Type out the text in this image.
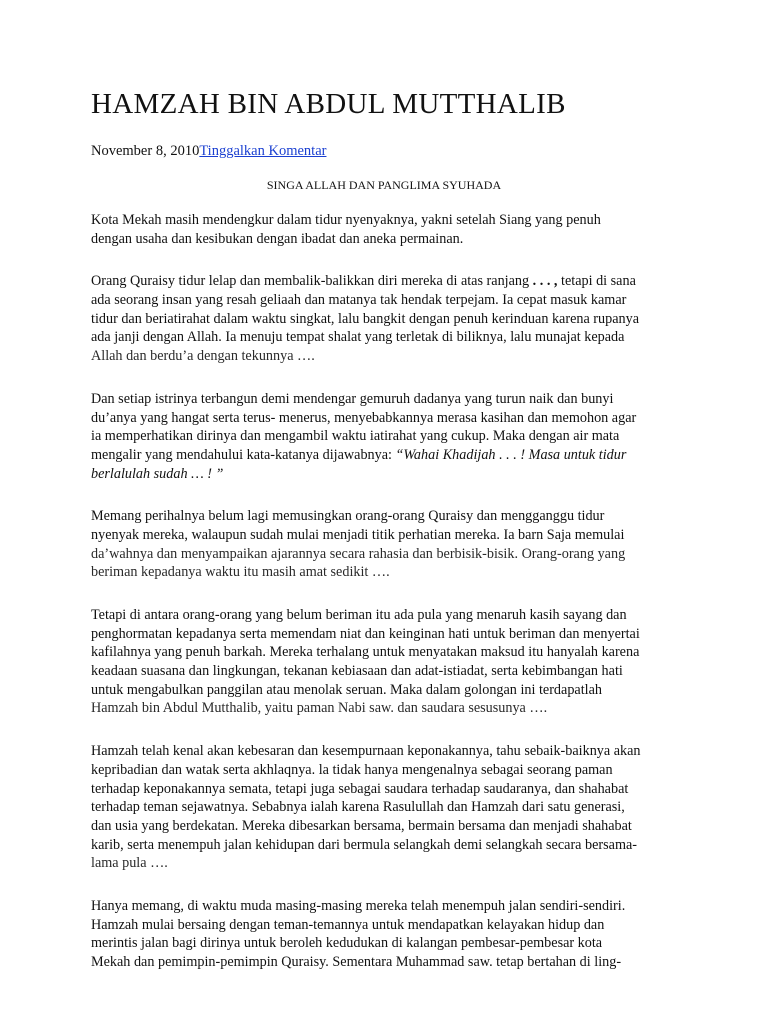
HAMZAH BIN ABDUL MUTTHALIB
November 8, 2010Tinggalkan Komentar
SINGA ALLAH DAN PANGLIMA SYUHADA
Kota Mekah masih mendengkur dalam tidur nyenyaknya, yakni setelah Siang yang penuh
dengan usaha dan kesibukan dengan ibadat dan aneka permainan.
Orang Quraisy tidur lelap dan membalik-balikkan diri mereka di atas ranjang . . . , tetapi di sana
ada seorang insan yang resah geliaah dan matanya tak hendak terpejam. Ia cepat masuk kamar
tidur dan beriatirahat dalam waktu singkat, lalu bangkit dengan penuh kerinduan karena rupanya
ada janji dengan Allah. Ia menuju tempat shalat yang terletak di biliknya, lalu munajat kepada
Allah dan berdu’a dengan tekunnya ….
Dan setiap istrinya terbangun demi mendengar gemuruh dadanya yang turun naik dan bunyi
du’anya yang hangat serta terus- menerus, menyebabkannya merasa kasihan dan memohon agar
ia memperhatikan dirinya dan mengambil waktu iatirahat yang cukup. Maka dengan air mata
mengalir yang mendahului kata-katanya dijawabnya: “Wahai Khadijah . . . ! Masa untuk tidur
berlalulah sudah … ! ”
Memang perihalnya belum lagi memusingkan orang-orang Quraisy dan mengganggu tidur
nyenyak mereka, walaupun sudah mulai menjadi titik perhatian mereka. Ia barn Saja memulai
da’wahnya dan menyampaikan ajarannya secara rahasia dan berbisik-bisik. Orang-orang yang
beriman kepadanya waktu itu masih amat sedikit ….
Tetapi di antara orang-orang yang belum beriman itu ada pula yang menaruh kasih sayang dan
penghormatan kepadanya serta memendam niat dan keinginan hati untuk beriman dan menyertai
kafilahnya yang penuh barkah. Mereka terhalang untuk menyatakan maksud itu hanyalah karena
keadaan suasana dan lingkungan, tekanan kebiasaan dan adat-istiadat, serta kebimbangan hati
untuk mengabulkan panggilan atau menolak seruan. Maka dalam golongan ini terdapatlah
Hamzah bin Abdul Mutthalib, yaitu paman Nabi saw. dan saudara sesusunya ….
Hamzah telah kenal akan kebesaran dan kesempurnaan keponakannya, tahu sebaik-baiknya akan
kepribadian dan watak serta akhlaqnya. la tidak hanya mengenalnya sebagai seorang paman
terhadap keponakannya semata, tetapi juga sebagai saudara terhadap saudaranya, dan shahabat
terhadap teman sejawatnya. Sebabnya ialah karena Rasulullah dan Hamzah dari satu generasi,
dan usia yang berdekatan. Mereka dibesarkan bersama, bermain bersama dan menjadi shahabat
karib, serta menempuh jalan kehidupan dari bermula selangkah demi selangkah secara bersama-
lama pula ….
Hanya memang, di waktu muda masing-masing mereka telah menempuh jalan sendiri-sendiri.
Hamzah mulai bersaing dengan teman-temannya untuk mendapatkan kelayakan hidup dan
merintis jalan bagi dirinya untuk beroleh kedudukan di kalangan pembesar-pembesar kota
Mekah dan pemimpin-pemimpin Quraisy. Sementara Muhammad saw. tetap bertahan di ling-
